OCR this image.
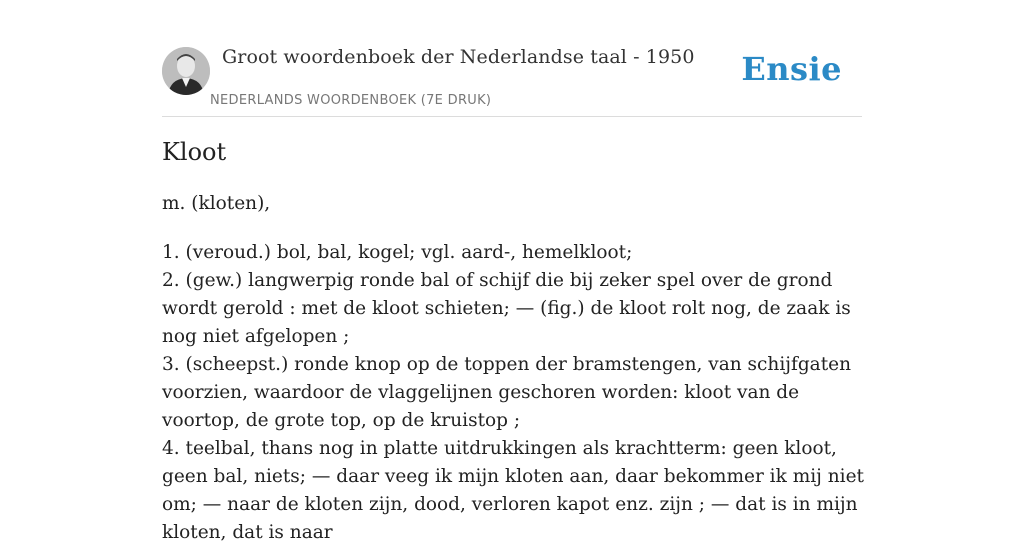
Groot woordenboek der Nederlandse taal - 1950
NEDERLANDS WOORDENBOEK (7E DRUK)
Ensie
Kloot
m. (kloten),
1. (veroud.) bol, bal, kogel; vgl. aard-, hemelkloot;
2. (gew.) langwerpig ronde bal of schijf die bij zeker spel over de grond wordt gerold : met de kloot schieten; — (fig.) de kloot rolt nog, de zaak is nog niet afgelopen ;
3. (scheepst.) ronde knop op de toppen der bramstengen, van schijfgaten voorzien, waardoor de vlaggelijnen geschoren worden: kloot van de voortop, de grote top, op de kruistop ;
4. teelbal, thans nog in platte uitdrukkingen als krachtterm: geen kloot, geen bal, niets; — daar veeg ik mijn kloten aan, daar bekommer ik mij niet om; — naar de kloten zijn, dood, verloren kapot enz. zijn ; — dat is in mijn kloten, dat is naar
